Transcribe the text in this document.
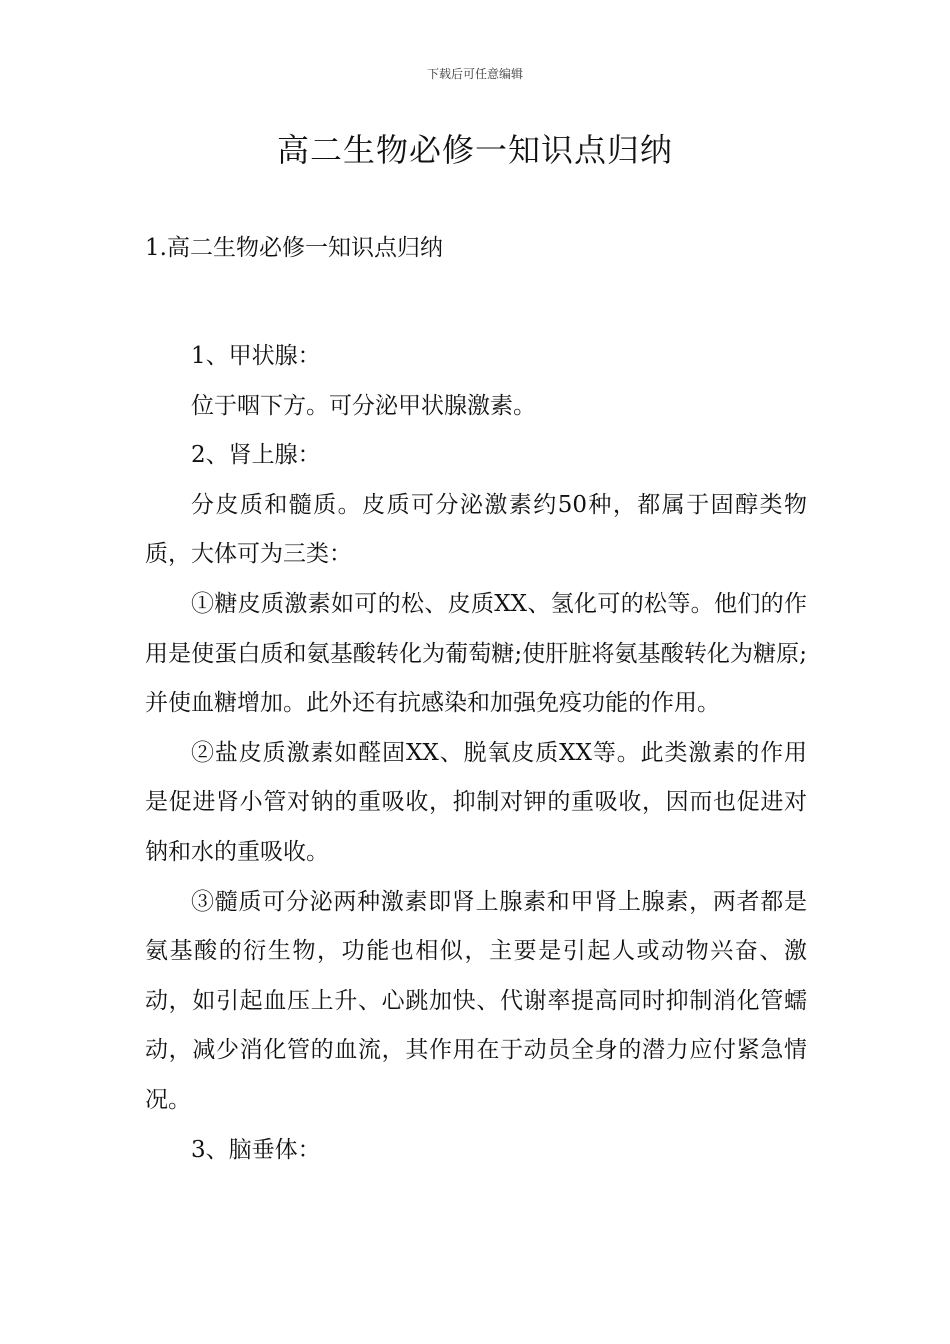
下载后可任意编辑
高二生物必修一知识点归纳
1.高二生物必修一知识点归纳

1、甲状腺：

位于咽下方。可分泌甲状腺激素。

2、肾上腺：

分皮质和髓质。皮质可分泌激素约50种，都属于固醇类物质，大体可为三类：

①糖皮质激素如可的松、皮质XX、氢化可的松等。他们的作用是使蛋白质和氨基酸转化为葡萄糖;使肝脏将氨基酸转化为糖原;并使血糖增加。此外还有抗感染和加强免疫功能的作用。

②盐皮质激素如醛固XX、脱氧皮质XX等。此类激素的作用是促进肾小管对钠的重吸收，抑制对钾的重吸收，因而也促进对钠和水的重吸收。

③髓质可分泌两种激素即肾上腺素和甲肾上腺素，两者都是氨基酸的衍生物，功能也相似，主要是引起人或动物兴奋、激动，如引起血压上升、心跳加快、代谢率提高同时抑制消化管蠕动，减少消化管的血流，其作用在于动员全身的潜力应付紧急情况。

3、脑垂体：
